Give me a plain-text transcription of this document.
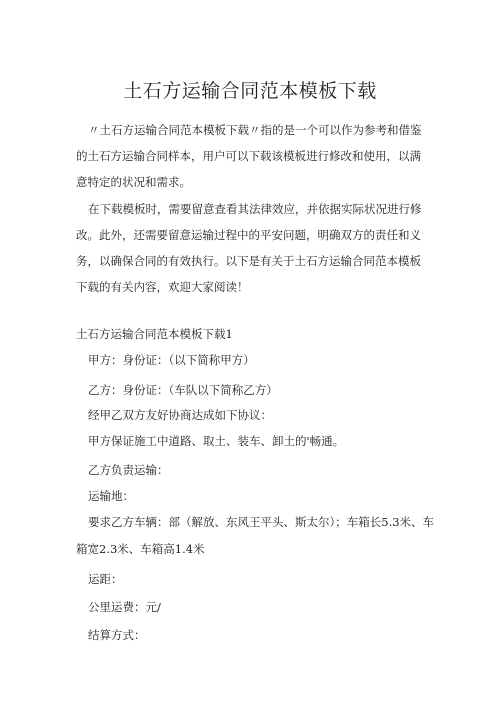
土石方运输合同范本模板下载
〃土石方运输合同范本模板下载〃指的是一个可以作为参考和借鉴的土石方运输合同样本，用户可以下载该模板进行修改和使用，以满意特定的状况和需求。
在下载模板时，需要留意查看其法律效应，并依据实际状况进行修改。此外，还需要留意运输过程中的平安问题，明确双方的责任和义务，以确保合同的有效执行。以下是有关于土石方运输合同范本模板下载的有关内容，欢迎大家阅读！
土石方运输合同范本模板下载1
甲方：身份证：（以下简称甲方）
乙方：身份证：（车队以下简称乙方）
经甲乙双方友好协商达成如下协议：
甲方保证施工中道路、取土、装车、卸土的'畅通。
乙方负责运输：
运输地：
要求乙方车辆：部（解放、东风王平头、斯太尔）；车箱长5.3米、车
箱宽2.3米、车箱高1.4米
运距：
公里运费：元/
结算方式：
